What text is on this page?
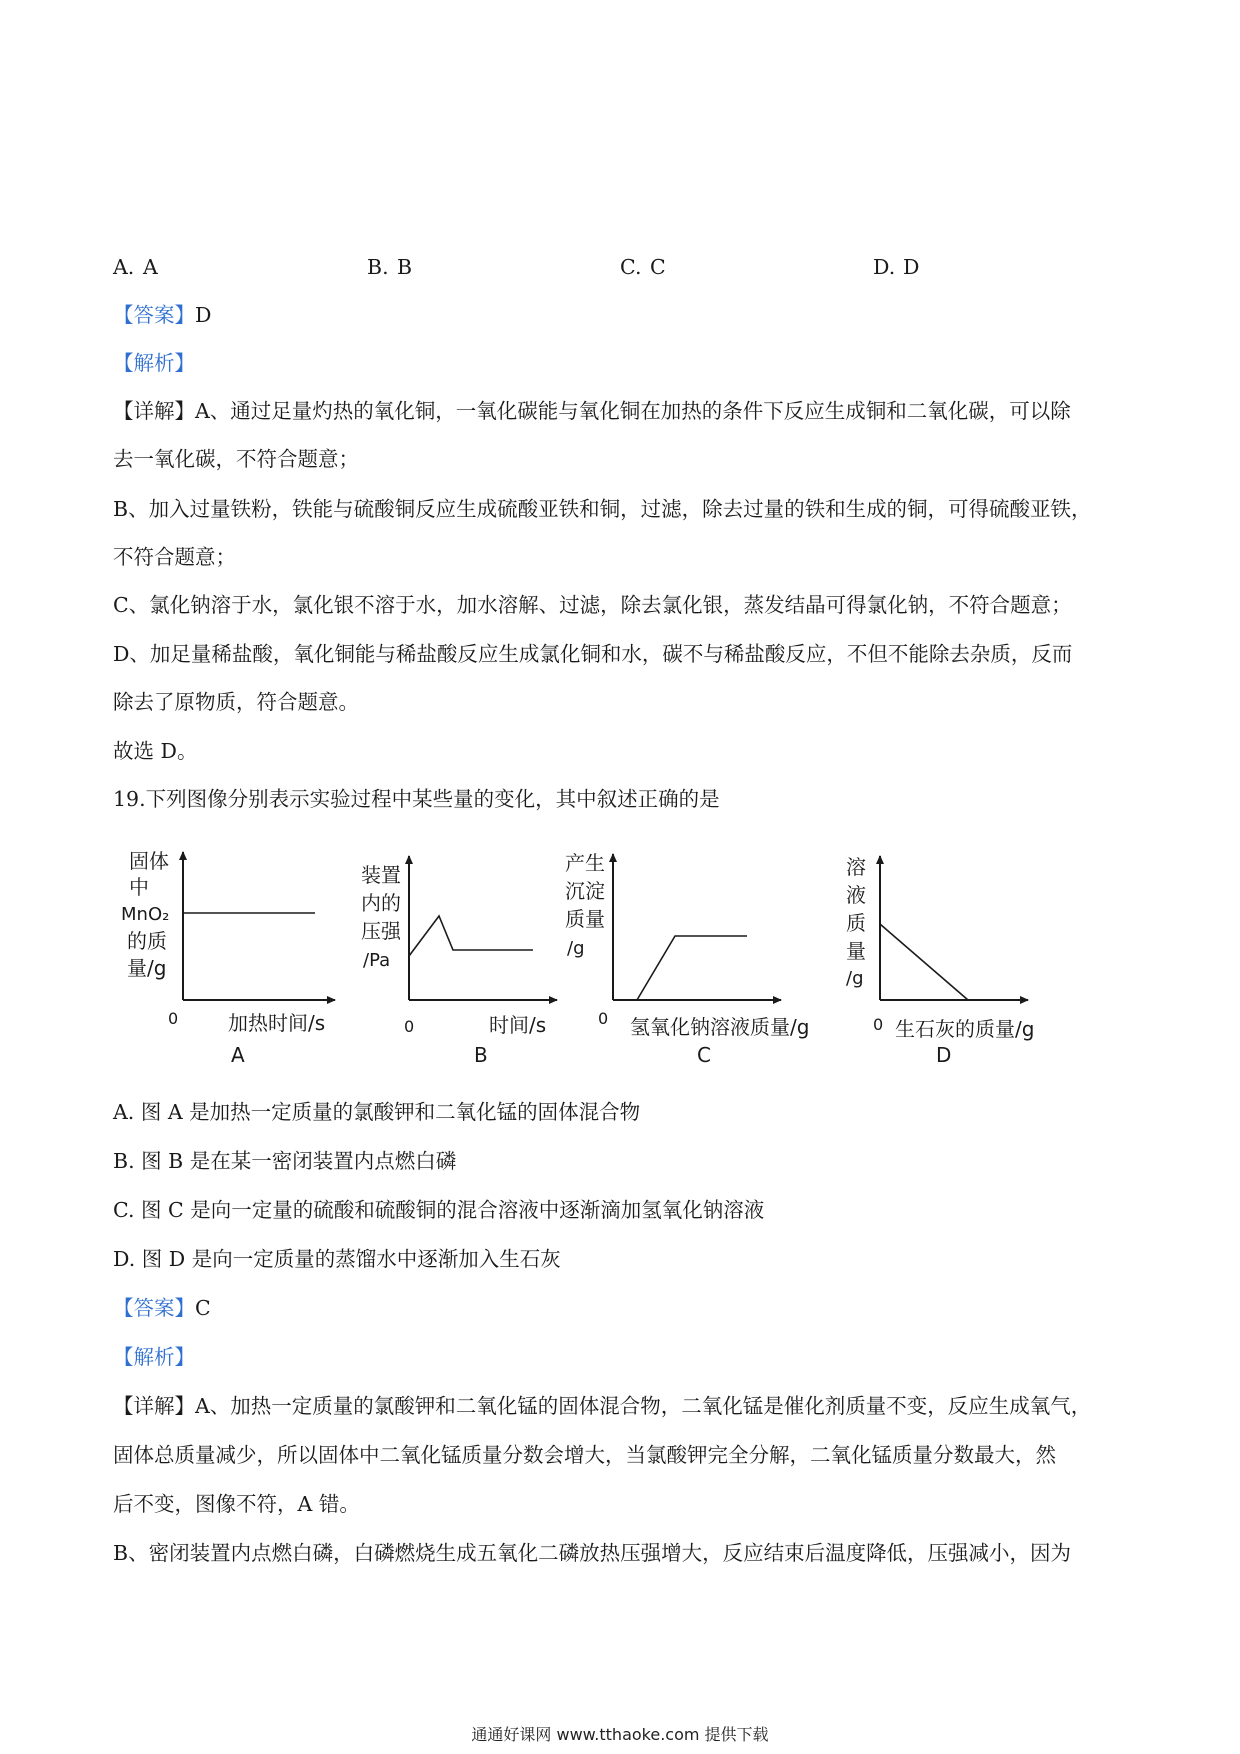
A. A	B. B	C. C	D. D
【答案】D
【解析】
【详解】A、通过足量灼热的氧化铜，一氧化碳能与氧化铜在加热的条件下反应生成铜和二氧化碳，可以除
去一氧化碳，不符合题意；
B、加入过量铁粉，铁能与硫酸铜反应生成硫酸亚铁和铜，过滤，除去过量的铁和生成的铜，可得硫酸亚铁，
不符合题意；
C、氯化钠溶于水，氯化银不溶于水，加水溶解、过滤，除去氯化银，蒸发结晶可得氯化钠，不符合题意；
D、加足量稀盐酸，氧化铜能与稀盐酸反应生成氯化铜和水，碳不与稀盐酸反应，不但不能除去杂质，反而
除去了原物质，符合题意。
故选 D。
19.下列图像分别表示实验过程中某些量的变化，其中叙述正确的是
固体
中
MnO₂
的质
量/g
0 加热时间/s
A
装置
内的
压强
/Pa
0	时间/s
B
产生
沉淀
质量
/g
0 氢氧化钠溶液质量/g
C
溶
液
质
量
/g
0 生石灰的质量/g
D
A. 图 A 是加热一定质量的氯酸钾和二氧化锰的固体混合物
B. 图 B 是在某一密闭装置内点燃白磷
C. 图 C 是向一定量的硫酸和硫酸铜的混合溶液中逐渐滴加氢氧化钠溶液
D. 图 D 是向一定质量的蒸馏水中逐渐加入生石灰
【答案】C
【解析】
【详解】A、加热一定质量的氯酸钾和二氧化锰的固体混合物，二氧化锰是催化剂质量不变，反应生成氧气，
固体总质量减少，所以固体中二氧化锰质量分数会增大，当氯酸钾完全分解，二氧化锰质量分数最大，然
后不变，图像不符，A 错。
B、密闭装置内点燃白磷，白磷燃烧生成五氧化二磷放热压强增大，反应结束后温度降低，压强减小，因为
通通好课网 www.tthaoke.com 提供下载
